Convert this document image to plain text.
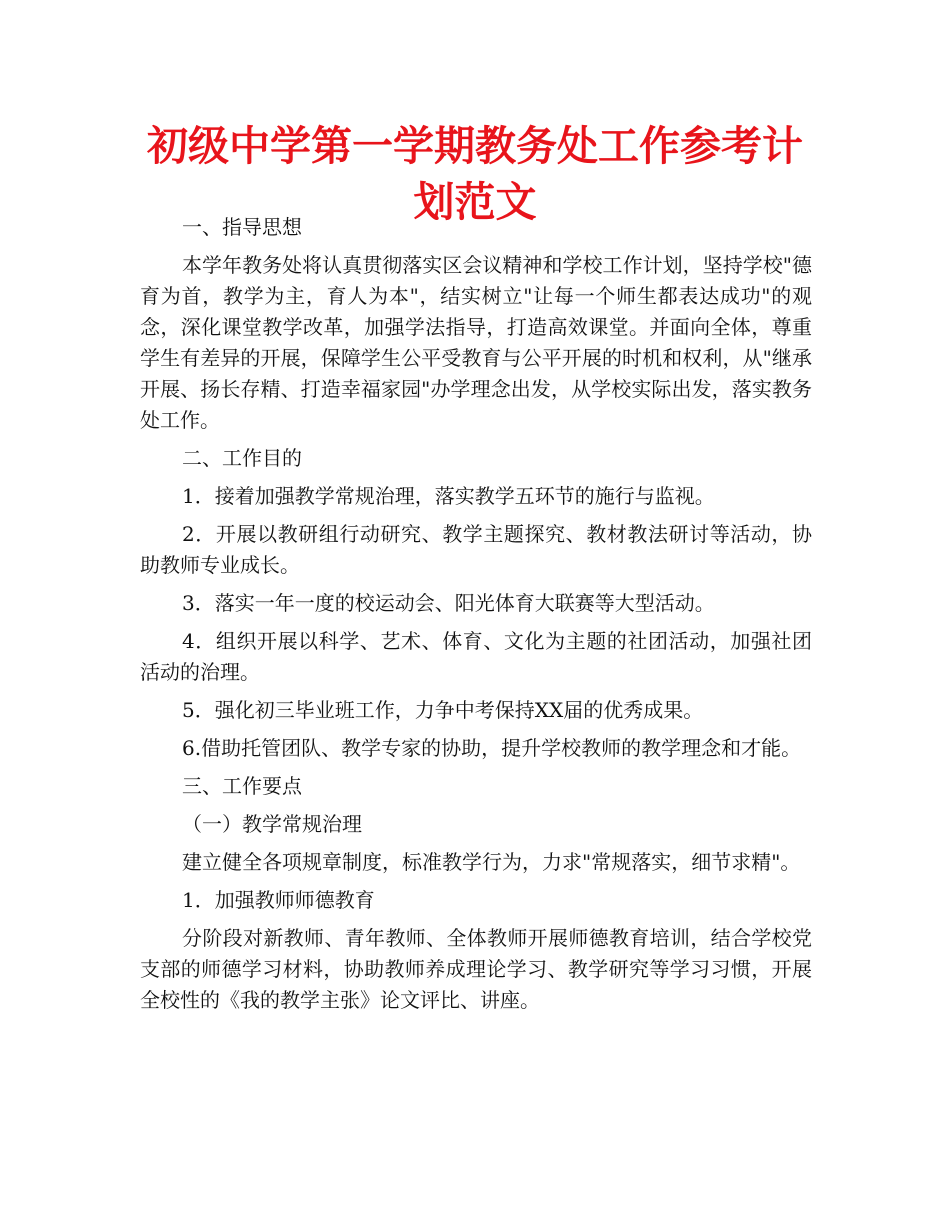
初级中学第一学期教务处工作参考计划范文

一、指导思想

本学年教务处将认真贯彻落实区会议精神和学校工作计划，坚持学校"德育为首，教学为主，育人为本"，结实树立"让每一个师生都表达成功"的观念，深化课堂教学改革，加强学法指导，打造高效课堂。并面向全体，尊重学生有差异的开展，保障学生公平受教育与公平开展的时机和权利，从"继承开展、扬长存精、打造幸福家园"办学理念出发，从学校实际出发，落实教务处工作。

二、工作目的

1．接着加强教学常规治理，落实教学五环节的施行与监视。

2．开展以教研组行动研究、教学主题探究、教材教法研讨等活动，协助教师专业成长。

3．落实一年一度的校运动会、阳光体育大联赛等大型活动。

4．组织开展以科学、艺术、体育、文化为主题的社团活动，加强社团活动的治理。

5．强化初三毕业班工作，力争中考保持XX届的优秀成果。

6.借助托管团队、教学专家的协助，提升学校教师的教学理念和才能。

三、工作要点

（一）教学常规治理

建立健全各项规章制度，标准教学行为，力求"常规落实，细节求精"。

1．加强教师师德教育

分阶段对新教师、青年教师、全体教师开展师德教育培训，结合学校党支部的师德学习材料，协助教师养成理论学习、教学研究等学习习惯，开展全校性的《我的教学主张》论文评比、讲座。
